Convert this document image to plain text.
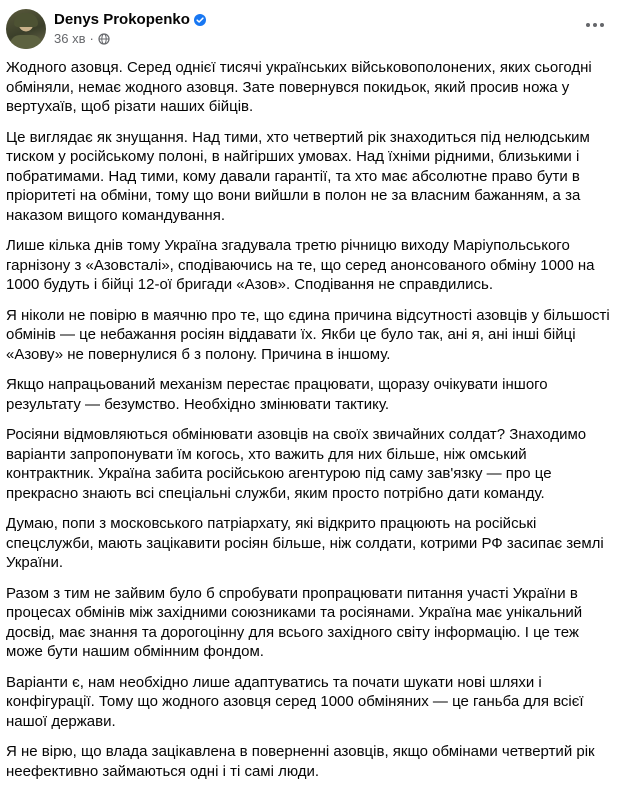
Denys Prokopenko
36 хв ·

Жодного азовця. Серед однієї тисячі українських військовополонених, яких сьогодні обміняли, немає жодного азовця. Зате повернувся покидьок, який просив ножа у вертухаїв, щоб різати наших бійців.

Це виглядає як знущання. Над тими, хто четвертий рік знаходиться під нелюдським тиском у російському полоні, в найгірших умовах. Над їхніми рідними, близькими і побратимами. Над тими, кому давали гарантії, та хто має абсолютне право бути в пріоритеті на обміни, тому що вони вийшли в полон не за власним бажанням, а за наказом вищого командування.

Лише кілька днів тому Україна згадувала третю річницю виходу Маріупольського гарнізону з «Азовсталі», сподіваючись на те, що серед анонсованого обміну 1000 на 1000 будуть і бійці 12-ої бригади «Азов». Сподівання не справдились.

Я ніколи не повірю в маячню про те, що єдина причина відсутності азовців у більшості обмінів — це небажання росіян віддавати їх. Якби це було так, ані я, ані інші бійці «Азову» не повернулися б з полону. Причина в іншому.

Якщо напрацьований механізм перестає працювати, щоразу очікувати іншого результату — безумство. Необхідно змінювати тактику.

Росіяни відмовляються обмінювати азовців на своїх звичайних солдат? Знаходимо варіанти запропонувати їм когось, хто важить для них більше, ніж омський контрактник. Україна забита російською агентурою під саму зав'язку — про це прекрасно знають всі спеціальні служби, яким просто потрібно дати команду.

Думаю, попи з московського патріархату, які відкрито працюють на російські спецслужби, мають зацікавити росіян більше, ніж солдати, котрими РФ засипає землі України.

Разом з тим не зайвим було б спробувати пропрацювати питання участі України в процесах обмінів між західними союзниками та росіянами. Україна має унікальний досвід, має знання та дорогоцінну для всього західного світу інформацію. І це теж може бути нашим обмінним фондом.

Варіанти є, нам необхідно лише адаптуватись та почати шукати нові шляхи і конфігурації. Тому що жодного азовця серед 1000 обміняних — це ганьба для всієї нашої держави.

Я не вірю, що влада зацікавлена в поверненні азовців, якщо обмінами четвертий рік неефективно займаються одні і ті самі люди.
